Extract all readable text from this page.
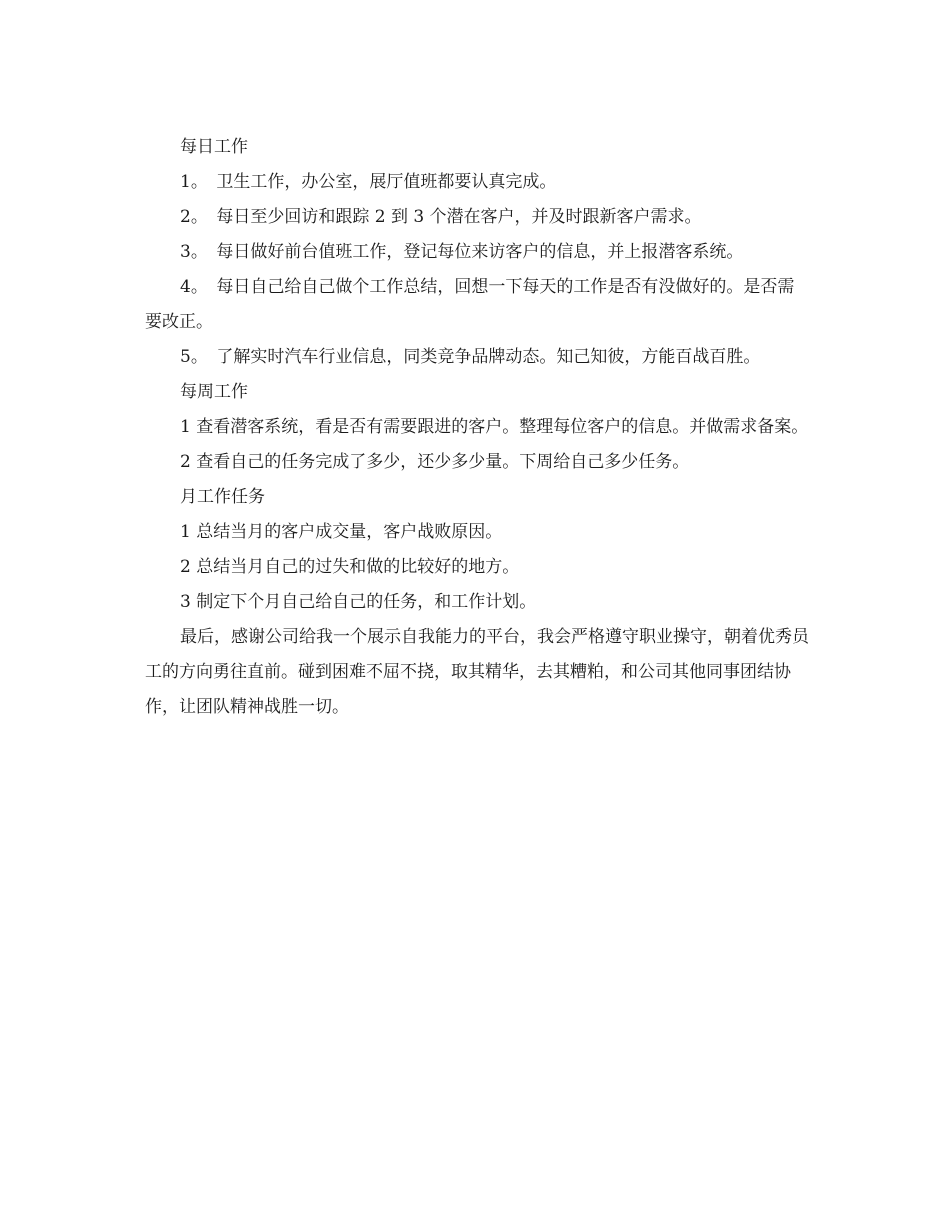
每日工作

1。　卫生工作，办公室，展厅值班都要认真完成。

2。　每日至少回访和跟踪 2 到 3 个潜在客户，并及时跟新客户需求。

3。　每日做好前台值班工作，登记每位来访客户的信息，并上报潜客系统。

4。　每日自己给自己做个工作总结，回想一下每天的工作是否有没做好的。是否需要改正。

5。　了解实时汽车行业信息，同类竞争品牌动态。知己知彼，方能百战百胜。

每周工作

1 查看潜客系统，看是否有需要跟进的客户。整理每位客户的信息。并做需求备案。

2 查看自己的任务完成了多少，还少多少量。下周给自己多少任务。

月工作任务

1 总结当月的客户成交量，客户战败原因。

2 总结当月自己的过失和做的比较好的地方。

3 制定下个月自己给自己的任务，和工作计划。

最后，感谢公司给我一个展示自我能力的平台，我会严格遵守职业操守，朝着优秀员工的方向勇往直前。碰到困难不屈不挠，取其精华，去其糟粕，和公司其他同事团结协作，让团队精神战胜一切。
